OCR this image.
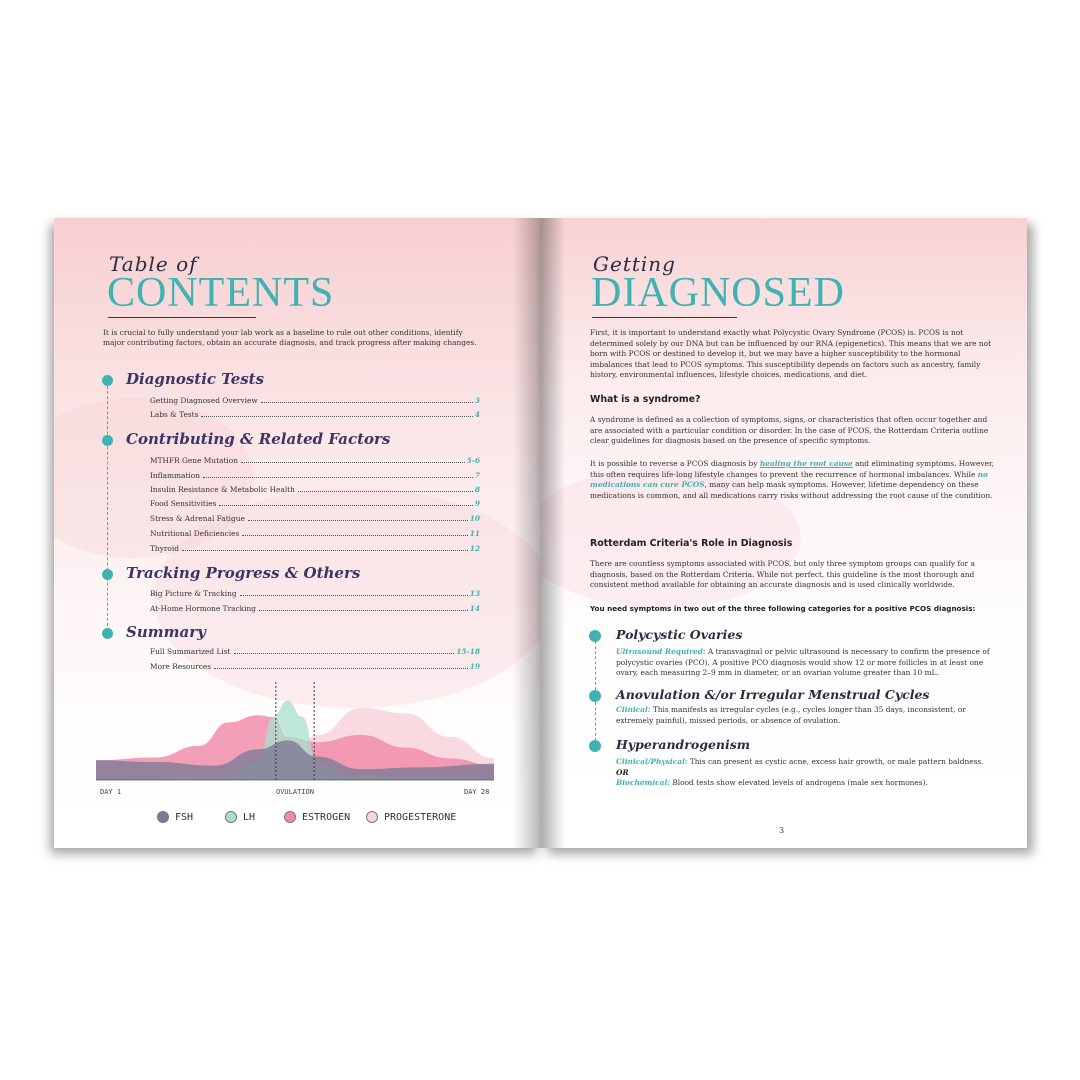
Table of
CONTENTS
It is crucial to fully understand your lab work as a baseline to rule out other conditions, identify major contributing factors, obtain an accurate diagnosis, and track progress after making changes.
Diagnostic Tests
Getting Diagnosed Overview	3
Labs & Tests	4
Contributing & Related Factors
MTHFR Gene Mutation	5-6
Inflammation	7
Insulin Resistance & Metabolic Health	8
Food Sensitivities	9
Stress & Adrenal Fatigue	10
Nutritional Deficiencies	11
Thyroid	12
Tracking Progress & Others
Big Picture & Tracking	13
At-Home Hormone Tracking	14
Summary
Full Summarized List	15-18
More Resources	19
DAY 1	OVULATION	DAY 28
FSH	LH	ESTROGEN	PROGESTERONE
Getting
DIAGNOSED
First, it is important to understand exactly what Polycystic Ovary Syndrome (PCOS) is. PCOS is not determined solely by our DNA but can be influenced by our RNA (epigenetics). This means that we are not born with PCOS or destined to develop it, but we may have a higher susceptibility to the hormonal imbalances that lead to PCOS symptoms. This susceptibility depends on factors such as ancestry, family history, environmental influences, lifestyle choices, medications, and diet.
What is a syndrome?
A syndrome is defined as a collection of symptoms, signs, or characteristics that often occur together and are associated with a particular condition or disorder. In the case of PCOS, the Rotterdam Criteria outline clear guidelines for diagnosis based on the presence of specific symptoms.
It is possible to reverse a PCOS diagnosis by healing the root cause and eliminating symptoms. However, this often requires life-long lifestyle changes to prevent the recurrence of hormonal imbalances. While no medications can cure PCOS, many can help mask symptoms. However, lifetime dependency on these medications is common, and all medications carry risks without addressing the root cause of the condition.
Rotterdam Criteria's Role in Diagnosis
There are countless symptoms associated with PCOS, but only three symptom groups can qualify for a diagnosis, based on the Rotterdam Criteria. While not perfect, this guideline is the most thorough and consistent method available for obtaining an accurate diagnosis and is used clinically worldwide.
You need symptoms in two out of the three following categories for a positive PCOS diagnosis:
Polycystic Ovaries
Ultrasound Required: A transvaginal or pelvic ultrasound is necessary to confirm the presence of polycystic ovaries (PCO). A positive PCO diagnosis would show 12 or more follicles in at least one ovary, each measuring 2–9 mm in diameter, or an ovarian volume greater than 10 mL.
Anovulation &/or Irregular Menstrual Cycles
Clinical: This manifests as irregular cycles (e.g., cycles longer than 35 days, inconsistent, or extremely painful), missed periods, or absence of ovulation.
Hyperandrogenism
Clinical/Physical: This can present as cystic acne, excess hair growth, or male pattern baldness.
OR
Biochemical: Blood tests show elevated levels of androgens (male sex hormones).
3
